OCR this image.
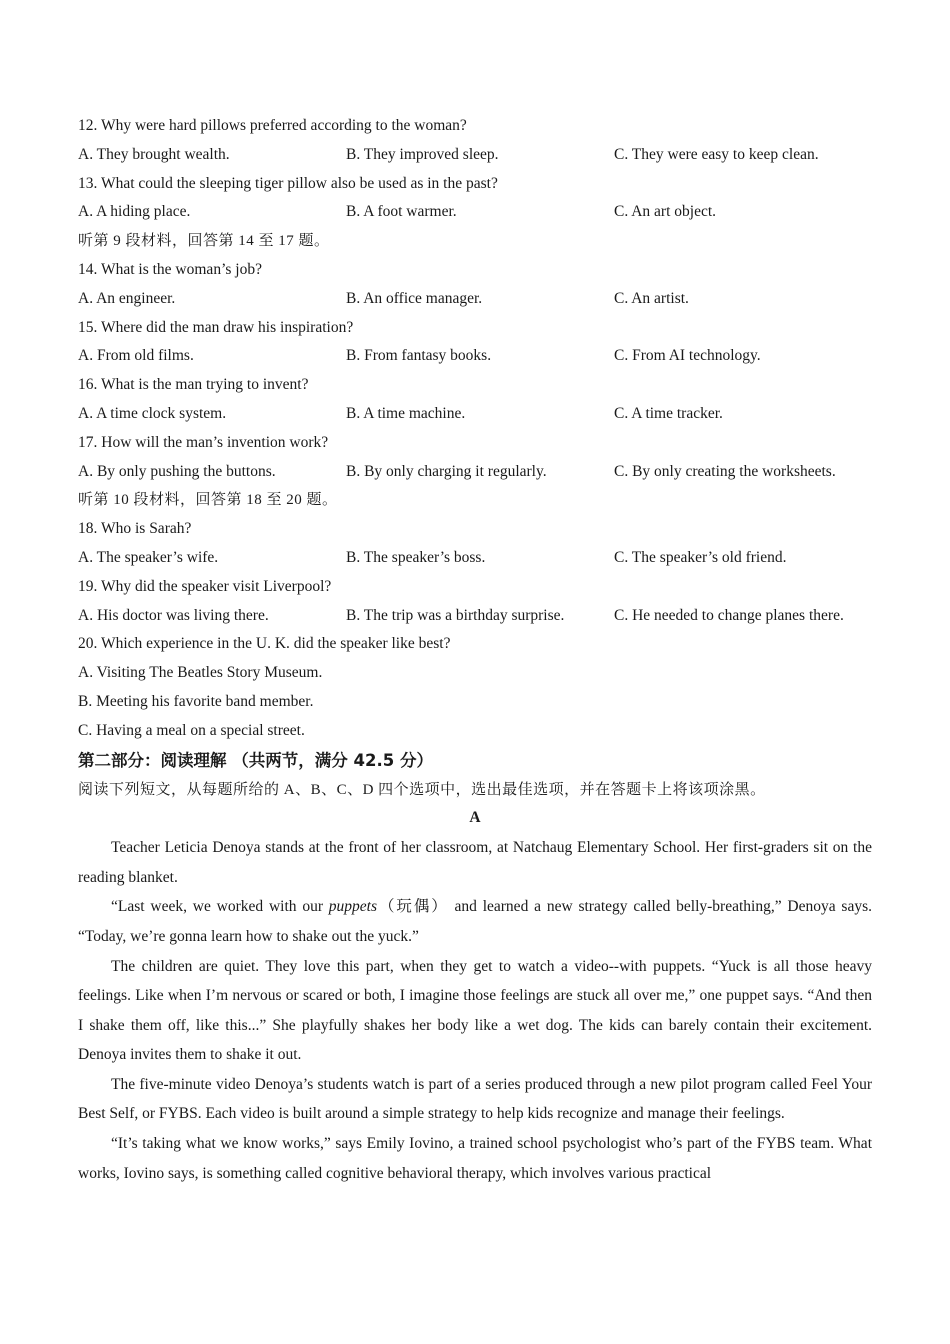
12. Why were hard pillows preferred according to the woman?
A. They brought wealth.	B. They improved sleep.	C. They were easy to keep clean.
13. What could the sleeping tiger pillow also be used as in the past?
A. A hiding place.	B. A foot warmer.	C. An art object.
听第 9 段材料，回答第 14 至 17 题。
14. What is the woman’s job?
A. An engineer.	B. An office manager.	C. An artist.
15. Where did the man draw his inspiration?
A. From old films.	B. From fantasy books.	C. From AI technology.
16. What is the man trying to invent?
A. A time clock system.	B. A time machine.	C. A time tracker.
17. How will the man’s invention work?
A. By only pushing the buttons.	B. By only charging it regularly.	C. By only creating the worksheets.
听第 10 段材料，回答第 18 至 20 题。
18. Who is Sarah?
A. The speaker’s wife.	B. The speaker’s boss.	C. The speaker’s old friend.
19. Why did the speaker visit Liverpool?
A. His doctor was living there.	B. The trip was a birthday surprise.	C. He needed to change planes there.
20. Which experience in the U. K. did the speaker like best?
A. Visiting The Beatles Story Museum.
B. Meeting his favorite band member.
C. Having a meal on a special street.
第二部分：阅读理解 （共两节，满分 42.5 分）
阅读下列短文，从每题所给的 A、B、C、D 四个选项中，选出最佳选项，并在答题卡上将该项涂黑。
A

Teacher Leticia Denoya stands at the front of her classroom, at Natchaug Elementary School. Her first-graders sit on the reading blanket.

“Last week, we worked with our puppets（玩偶） and learned a new strategy called belly-breathing,” Denoya says. “Today, we’re gonna learn how to shake out the yuck.”

The children are quiet. They love this part, when they get to watch a video--with puppets. “Yuck is all those heavy feelings. Like when I’m nervous or scared or both, I imagine those feelings are stuck all over me,” one puppet says. “And then I shake them off, like this...” She playfully shakes her body like a wet dog. The kids can barely contain their excitement. Denoya invites them to shake it out.

The five-minute video Denoya’s students watch is part of a series produced through a new pilot program called Feel Your Best Self, or FYBS. Each video is built around a simple strategy to help kids recognize and manage their feelings.

“It’s taking what we know works,” says Emily Iovino, a trained school psychologist who’s part of the FYBS team. What works, Iovino says, is something called cognitive behavioral therapy, which involves various practical
